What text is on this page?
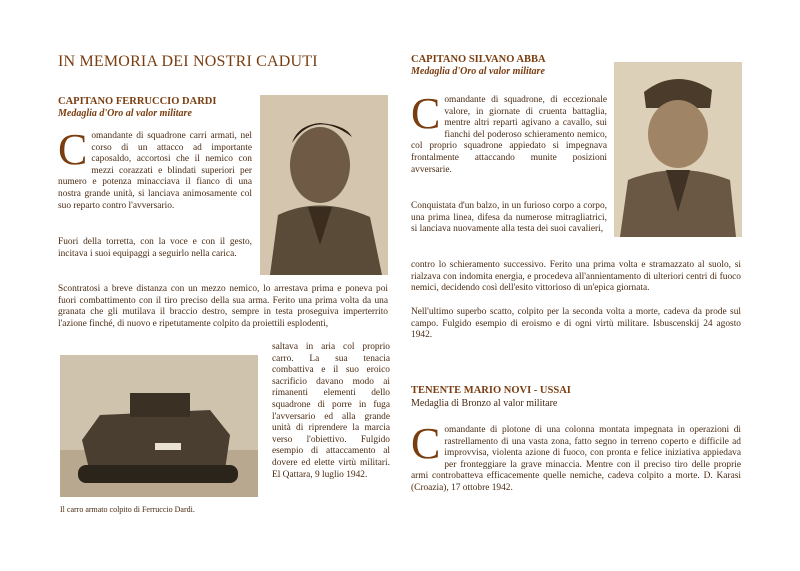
IN MEMORIA DEI NOSTRI CADUTI
CAPITANO FERRUCCIO DARDI
Medaglia d'Oro al valor militare
Comandante di squadrone carri armati, nel corso di un attacco ad importante caposaldo, accortosi che il nemico con mezzi corazzati e blindati superiori per numero e potenza minacciava il fianco di una nostra grande unità, si lanciava animosamente col suo reparto contro l'avversario.
Fuori della torretta, con la voce e con il gesto, incitava i suoi equipaggi a seguirlo nella carica.
Scontratosi a breve distanza con un mezzo nemico, lo arrestava prima e poneva poi fuori combattimento con il tiro preciso della sua arma. Ferito una prima volta da una granata che gli mutilava il braccio destro, sempre in testa proseguiva imperterrito l'azione finché, di nuovo e ripetutamente colpito da proiettili esplodenti,
Il carro armato colpito di Ferruccio Dardi.
saltava in aria col proprio carro. La sua tenacia combattiva e il suo eroico sacrificio davano modo ai rimanenti elementi dello squadrone di porre in fuga l'avversario ed alla grande unità di riprendere la marcia verso l'obiettivo. Fulgido esempio di attaccamento al dovere ed elette virtù militari. El Qattara, 9 luglio 1942.
CAPITANO SILVANO ABBA
Medaglia d'Oro al valor militare
Comandante di squadrone, di eccezionale valore, in giornate di cruenta battaglia, mentre altri reparti agivano a cavallo, sui fianchi del poderoso schieramento nemico, col proprio squadrone appiedato si impegnava frontalmente attaccando munite posizioni avversarie.
Conquistata d'un balzo, in un furioso corpo a corpo, una prima linea, difesa da numerose mitragliatrici, si lanciava nuovamente alla testa dei suoi cavalieri,
contro lo schieramento successivo. Ferito una prima volta e stramazzato al suolo, si rialzava con indomita energia, e procedeva all'annientamento di ulteriori centri di fuoco nemici, decidendo così dell'esito vittorioso di un'epica giornata.
Nell'ultimo superbo scatto, colpito per la seconda volta a morte, cadeva da prode sul campo. Fulgido esempio di eroismo e di ogni virtù militare. Isbuscenskij 24 agosto 1942.
TENENTE MARIO NOVI - USSAI
Medaglia di Bronzo al valor militare
Comandante di plotone di una colonna montata impegnata in operazioni di rastrellamento di una vasta zona, fatto segno in terreno coperto e difficile ad improvvisa, violenta azione di fuoco, con pronta e felice iniziativa appiedava per fronteggiare la grave minaccia. Mentre con il preciso tiro delle proprie armi controbatteva efficacemente quelle nemiche, cadeva colpito a morte. D. Karasi (Croazia), 17 ottobre 1942.
